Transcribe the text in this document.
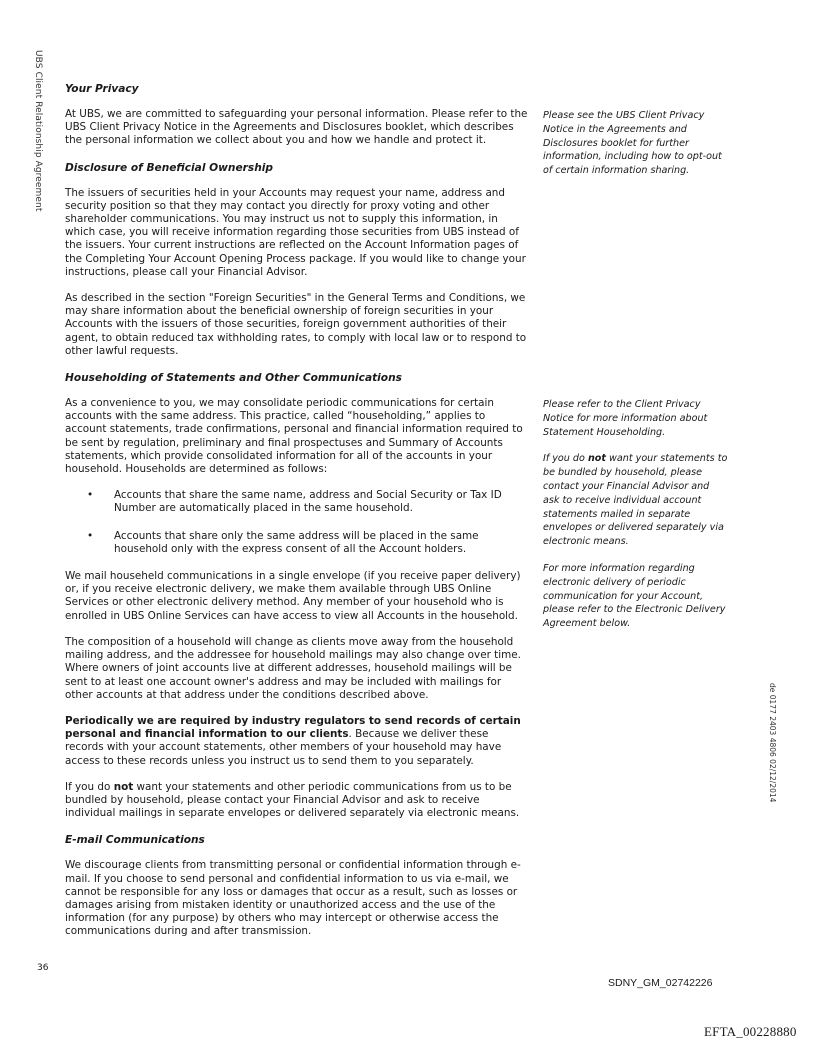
UBS Client Relationship Agreement
de 0177 2403 4806 02/12/2014
Your Privacy

At UBS, we are committed to safeguarding your personal information. Please refer to the UBS Client Privacy Notice in the Agreements and Disclosures booklet, which describes the personal information we collect about you and how we handle and protect it.

Disclosure of Beneficial Ownership

The issuers of securities held in your Accounts may request your name, address and security position so that they may contact you directly for proxy voting and other shareholder communications. You may instruct us not to supply this information, in which case, you will receive information regarding those securities from UBS instead of the issuers. Your current instructions are reflected on the Account Information pages of the Completing Your Account Opening Process package. If you would like to change your instructions, please call your Financial Advisor.

As described in the section "Foreign Securities" in the General Terms and Conditions, we may share information about the beneficial ownership of foreign securities in your Accounts with the issuers of those securities, foreign government authorities of their agent, to obtain reduced tax withholding rates, to comply with local law or to respond to other lawful requests.

Householding of Statements and Other Communications

As a convenience to you, we may consolidate periodic communications for certain accounts with the same address. This practice, called “householding,” applies to account statements, trade confirmations, personal and financial information required to be sent by regulation, preliminary and final prospectuses and Summary of Accounts statements, which provide consolidated information for all of the accounts in your household. Households are determined as follows:

• Accounts that share the same name, address and Social Security or Tax ID Number are automatically placed in the same household.
• Accounts that share only the same address will be placed in the same household only with the express consent of all the Account holders.

We mail househeld communications in a single envelope (if you receive paper delivery) or, if you receive electronic delivery, we make them available through UBS Online Services or other electronic delivery method. Any member of your household who is enrolled in UBS Online Services can have access to view all Accounts in the household.

The composition of a household will change as clients move away from the household mailing address, and the addressee for household mailings may also change over time. Where owners of joint accounts live at different addresses, household mailings will be sent to at least one account owner's address and may be included with mailings for other accounts at that address under the conditions described above.

Periodically we are required by industry regulators to send records of certain personal and financial information to our clients. Because we deliver these records with your account statements, other members of your household may have access to these records unless you instruct us to send them to you separately.

If you do not want your statements and other periodic communications from us to be bundled by household, please contact your Financial Advisor and ask to receive individual mailings in separate envelopes or delivered separately via electronic means.

E-mail Communications

We discourage clients from transmitting personal or confidential information through e-mail. If you choose to send personal and confidential information to us via e-mail, we cannot be responsible for any loss or damages that occur as a result, such as losses or damages arising from mistaken identity or unauthorized access and the use of the information (for any purpose) by others who may intercept or otherwise access the communications during and after transmission.

Please see the UBS Client Privacy Notice in the Agreements and Disclosures booklet for further information, including how to opt-out of certain information sharing.

Please refer to the Client Privacy Notice for more information about Statement Householding.

If you do not want your statements to be bundled by household, please contact your Financial Advisor and ask to receive individual account statements mailed in separate envelopes or delivered separately via electronic means.

For more information regarding electronic delivery of periodic communication for your Account, please refer to the Electronic Delivery Agreement below.

36
SDNY_GM_02742226
EFTA_00228880
